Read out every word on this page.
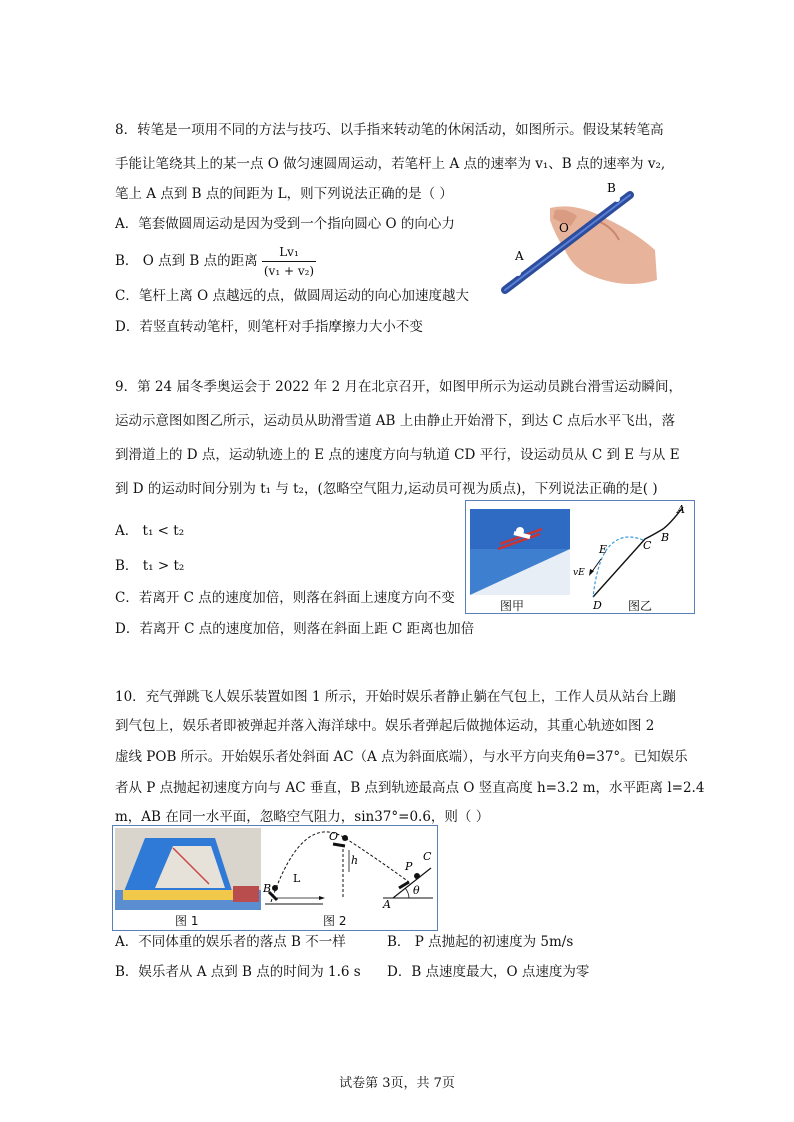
8．转笔是一项用不同的方法与技巧、以手指来转动笔的休闲活动，如图所示。假设某转笔高
手能让笔绕其上的某一点 O 做匀速圆周运动，若笔杆上 A 点的速率为 v₁、B 点的速率为 v₂,
笔上 A 点到 B 点的间距为 L，则下列说法正确的是（ ）
A．笔套做圆周运动是因为受到一个指向圆心 O 的向心力
B． O 点到 B 点的距离 $\frac{\text{Lv₁}}{\text{(v₁ + v₂)}}$
C．笔杆上离 O 点越远的点，做圆周运动的向心加速度越大
D．若竖直转动笔杆，则笔杆对手指摩擦力大小不变
A
O
B
9．第 24 届冬季奥运会于 2022 年 2 月在北京召开，如图甲所示为运动员跳台滑雪运动瞬间，
运动示意图如图乙所示，运动员从助滑雪道 AB 上由静止开始滑下，到达 C 点后水平飞出，落
到滑道上的 D 点，运动轨迹上的 E 点的速度方向与轨道 CD 平行，设运动员从 C 到 E 与从 E
到 D 的运动时间分别为 t₁ 与 t₂，(忽略空气阻力,运动员可视为质点)，下列说法正确的是( )
A． t₁ < t₂
B． t₁ > t₂
C．若离开 C 点的速度加倍，则落在斜面上速度方向不变
D．若离开 C 点的速度加倍，则落在斜面上距 C 距离也加倍
A
B
C
E
vE
D
图甲	图乙
10．充气弹跳飞人娱乐装置如图 1 所示，开始时娱乐者静止躺在气包上，工作人员从站台上蹦
到气包上，娱乐者即被弹起并落入海洋球中。娱乐者弹起后做抛体运动，其重心轨迹如图 2
虚线 POB 所示。开始娱乐者处斜面 AC（A 点为斜面底端），与水平方向夹角θ=37°。已知娱乐
者从 P 点抛起初速度方向与 AC 垂直，B 点到轨迹最高点 O 竖直高度 h=3.2 m，水平距离 l=2.4
m，AB 在同一水平面，忽略空气阻力，sin37°=0.6，则（ ）
O
h
B
L
P
C
A
θ
图 1	图 2
A．不同体重的娱乐者的落点 B 不一样	B． P 点抛起的初速度为 5m/s
B．娱乐者从 A 点到 B 点的时间为 1.6 s D．B 点速度最大，O 点速度为零
试卷第 3页，共 7页
